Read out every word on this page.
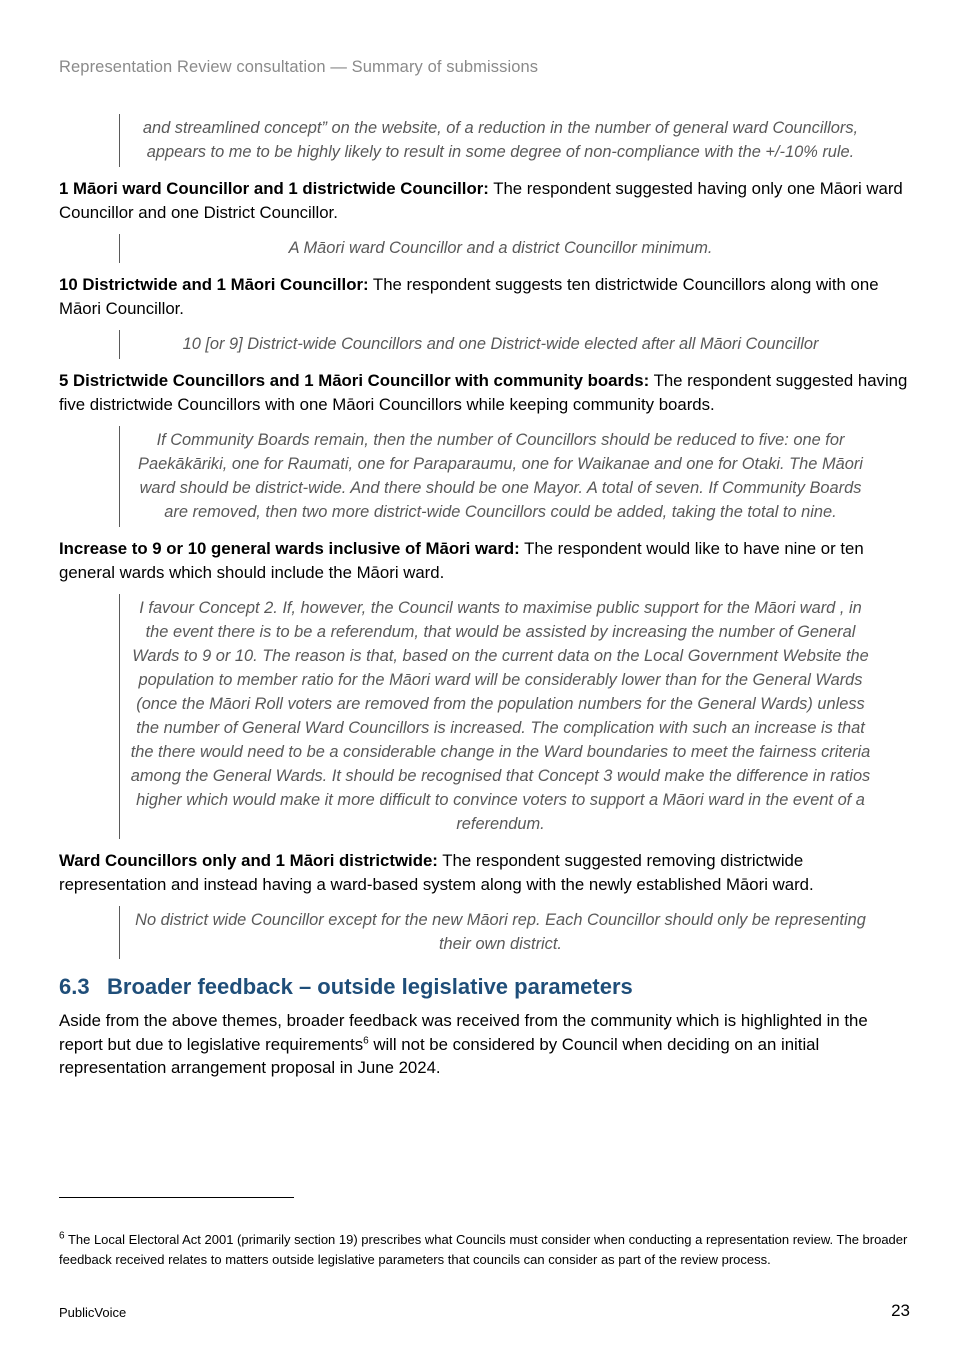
Representation Review consultation — Summary of submissions
and streamlined concept” on the website, of a reduction in the number of general ward Councillors, appears to me to be highly likely to result in some degree of non-compliance with the +/-10% rule.

1 Māori ward Councillor and 1 districtwide Councillor: The respondent suggested having only one Māori ward Councillor and one District Councillor.

A Māori ward Councillor and a district Councillor minimum.

10 Districtwide and 1 Māori Councillor: The respondent suggests ten districtwide Councillors along with one Māori Councillor.

10 [or 9] District-wide Councillors and one District-wide elected after all Māori Councillor

5 Districtwide Councillors and 1 Māori Councillor with community boards: The respondent suggested having five districtwide Councillors with one Māori Councillors while keeping community boards.

If Community Boards remain, then the number of Councillors should be reduced to five: one for Paekākāriki, one for Raumati, one for Paraparaumu, one for Waikanae and one for Otaki. The Māori ward should be district-wide. And there should be one Mayor. A total of seven. If Community Boards are removed, then two more district-wide Councillors could be added, taking the total to nine.

Increase to 9 or 10 general wards inclusive of Māori ward: The respondent would like to have nine or ten general wards which should include the Māori ward.

I favour Concept 2. If, however, the Council wants to maximise public support for the Māori ward , in the event there is to be a referendum, that would be assisted by increasing the number of General Wards to 9 or 10. The reason is that, based on the current data on the Local Government Website the population to member ratio for the Māori ward will be considerably lower than for the General Wards (once the Māori Roll voters are removed from the population numbers for the General Wards) unless the number of General Ward Councillors is increased. The complication with such an increase is that the there would need to be a considerable change in the Ward boundaries to meet the fairness criteria among the General Wards. It should be recognised that Concept 3 would make the difference in ratios higher which would make it more difficult to convince voters to support a Māori ward in the event of a referendum.

Ward Councillors only and 1 Māori districtwide: The respondent suggested removing districtwide representation and instead having a ward-based system along with the newly established Māori ward.

No district wide Councillor except for the new Māori rep. Each Councillor should only be representing their own district.
6.3 Broader feedback – outside legislative parameters

Aside from the above themes, broader feedback was received from the community which is highlighted in the report but due to legislative requirements$^6$ will not be considered by Council when deciding on an initial representation arrangement proposal in June 2024.

$^6$ The Local Electoral Act 2001 (primarily section 19) prescribes what Councils must consider when conducting a representation review. The broader feedback received relates to matters outside legislative parameters that councils can consider as part of the review process.
PublicVoice	23
